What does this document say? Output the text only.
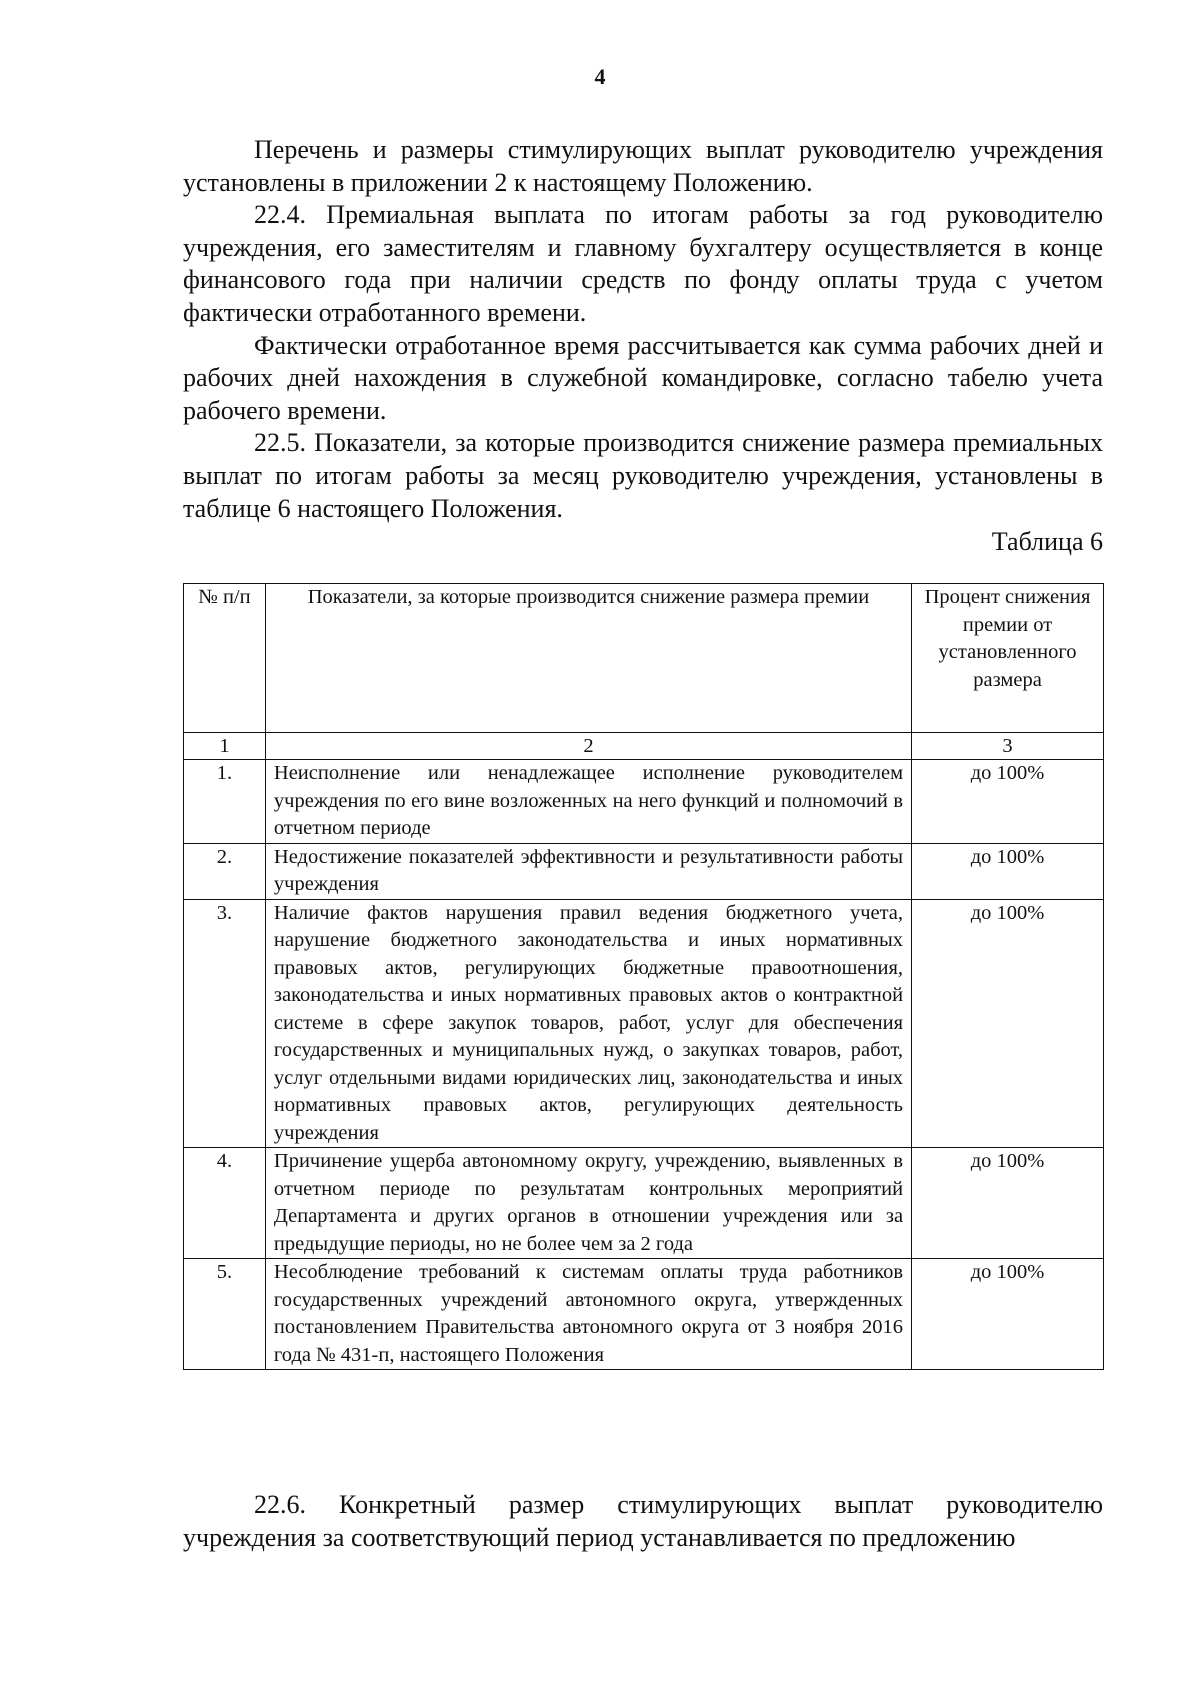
4

Перечень и размеры стимулирующих выплат руководителю учреждения установлены в приложении 2 к настоящему Положению.

22.4. Премиальная выплата по итогам работы за год руководителю учреждения, его заместителям и главному бухгалтеру осуществляется в конце финансового года при наличии средств по фонду оплаты труда с учетом фактически отработанного времени.

Фактически отработанное время рассчитывается как сумма рабочих дней и рабочих дней нахождения в служебной командировке, согласно табелю учета рабочего времени.

22.5. Показатели, за которые производится снижение размера премиальных выплат по итогам работы за месяц руководителю учреждения, установлены в таблице 6 настоящего Положения.

Таблица 6
№ п/п	Показатели, за которые производится снижение размера премии	Процент снижения премии от установленного размера
1	2	3
1.	Неисполнение или ненадлежащее исполнение руководителем учреждения по его вине возложенных на него функций и полномочий в отчетном периоде	до 100%
2.	Недостижение показателей эффективности и результативности работы учреждения	до 100%
3.	Наличие фактов нарушения правил ведения бюджетного учета, нарушение бюджетного законодательства и иных нормативных правовых актов, регулирующих бюджетные правоотношения, законодательства и иных нормативных правовых актов о контрактной системе в сфере закупок товаров, работ, услуг для обеспечения государственных и муниципальных нужд, о закупках товаров, работ, услуг отдельными видами юридических лиц, законодательства и иных нормативных правовых актов, регулирующих деятельность учреждения	до 100%
4.	Причинение ущерба автономному округу, учреждению, выявленных в отчетном периоде по результатам контрольных мероприятий Департамента и других органов в отношении учреждения или за предыдущие периоды, но не более чем за 2 года	до 100%
5.	Несоблюдение требований к системам оплаты труда работников государственных учреждений автономного округа, утвержденных постановлением Правительства автономного округа от 3 ноября 2016 года № 431-п, настоящего Положения	до 100%

22.6. Конкретный размер стимулирующих выплат руководителю учреждения за соответствующий период устанавливается по предложению
